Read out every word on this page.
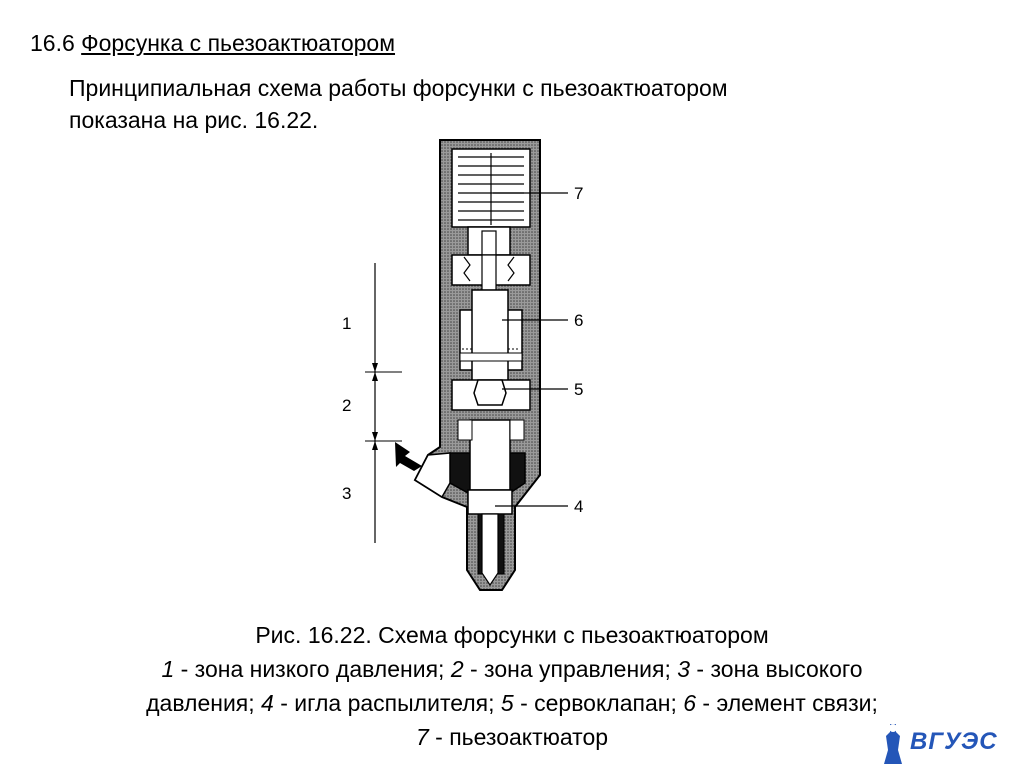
16.6 Форсунка с пьезоактюатором
Принципиальная схема работы форсунки с пьезоактюатором
показана на рис. 16.22.
1
2
3
7
6
5
4
Рис. 16.22. Схема форсунки с пьезоактюатором
1 - зона низкого давления; 2 - зона управления; 3 - зона высокого
давления; 4 - игла распылителя; 5 - сервоклапан; 6 - элемент связи;
7 - пьезоактюатор	ВГУЭС
